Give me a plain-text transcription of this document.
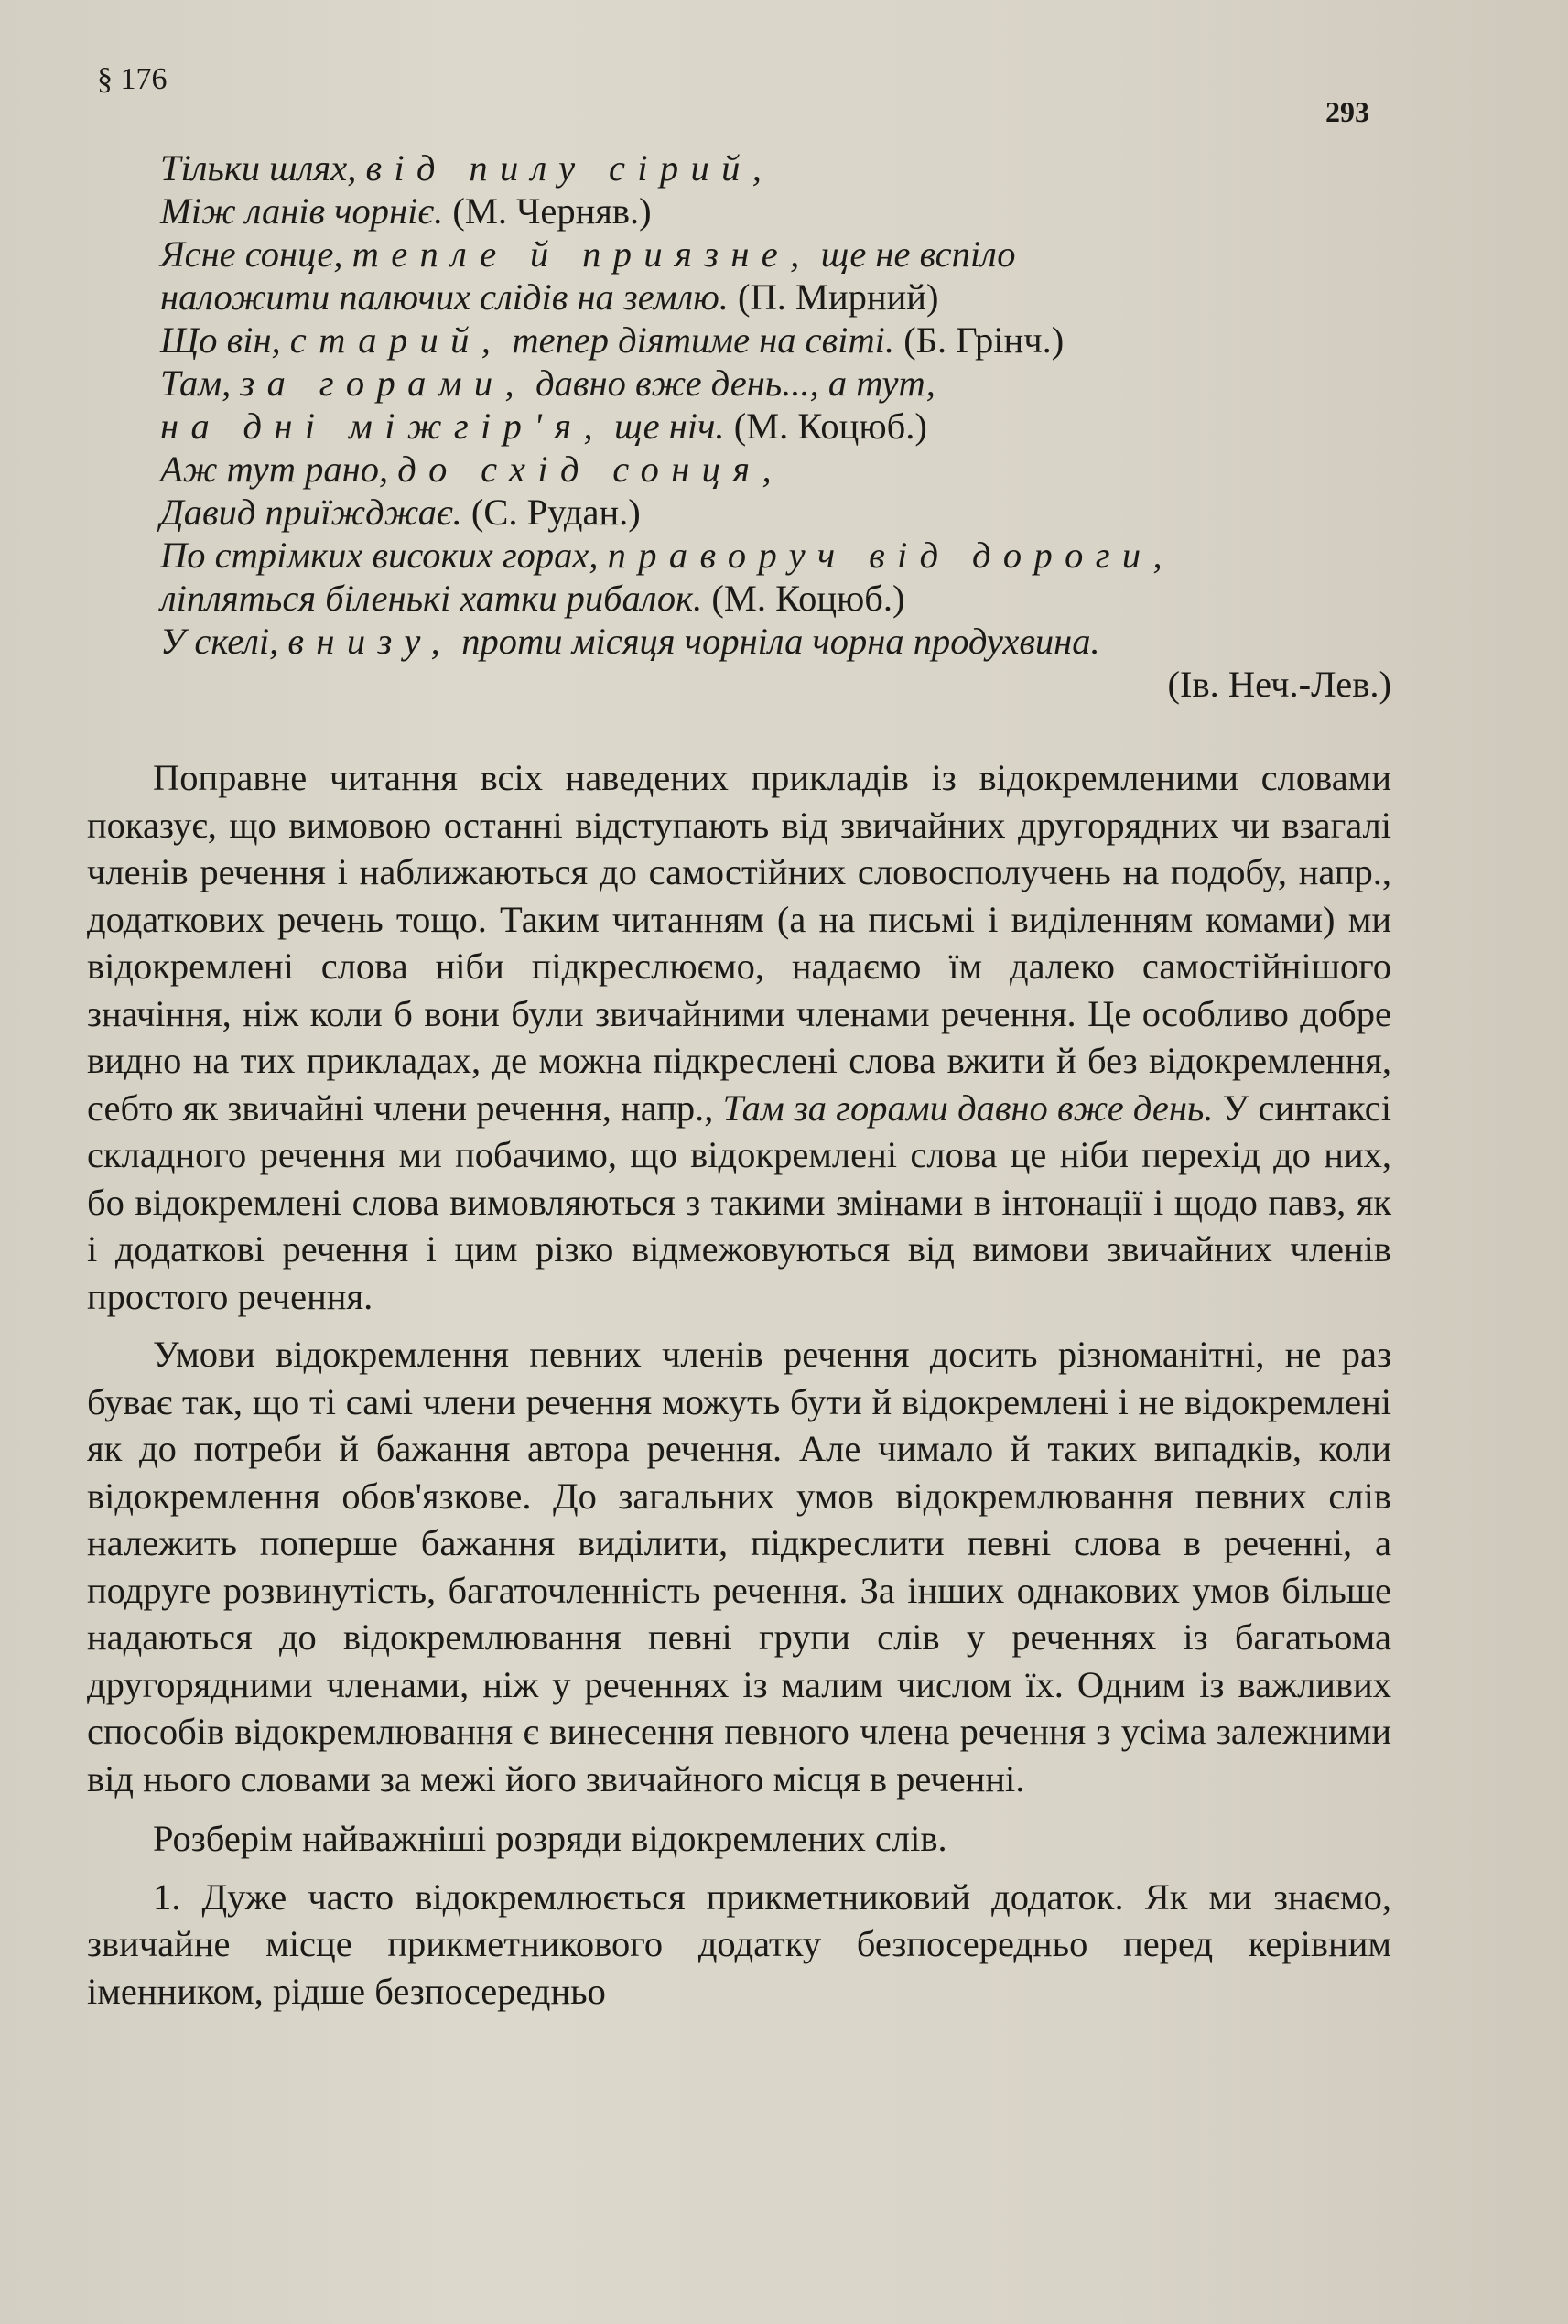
§ 176
293
Тільки шлях, від пилу сірий,
Між ланів чорніє. (М. Черняв.)
Ясне сонце, тепле й приязне, ще не вспіло
наложити палючих слідів на землю. (П. Мирний)
Що він, старий, тепер діятиме на світі. (Б. Грінч.)
Там, за горами, давно вже день..., а тут,
на дні міжгір'я, ще ніч. (М. Коцюб.)
Аж тут рано, до схід сонця,
Давид приїжджає. (С. Рудан.)
По стрімких високих горах, праворуч від дороги,
ліпляться біленькі хатки рибалок. (М. Коцюб.)
У скелі, внизу, проти місяця чорніла чорна продухвина.
(Ів. Неч.-Лев.)

Поправне читання всіх наведених прикладів із відокремленими словами показує, що вимовою останні відступають від звичайних другорядних чи взагалі членів речення і наближаються до самостійних словосполучень на подобу, напр., додаткових речень тощо. Таким читанням (а на письмі і виділенням комами) ми відокремлені слова ніби підкреслюємо, надаємо їм далеко самостійнішого значіння, ніж коли б вони були звичайними членами речення. Це особливо добре видно на тих прикладах, де можна підкреслені слова вжити й без відокремлення, себто як звичайні члени речення, напр., Там за горами давно вже день. У синтаксі складного речення ми побачимо, що відокремлені слова це ніби перехід до них, бо відокремлені слова вимовляються з такими змінами в інтонації і щодо павз, як і додаткові речення і цим різко відмежовуються від вимови звичайних членів простого речення.

Умови відокремлення певних членів речення досить різноманітні, не раз буває так, що ті самі члени речення можуть бути й відокремлені і не відокремлені як до потреби й бажання автора речення. Але чимало й таких випадків, коли відокремлення обов'язкове. До загальних умов відокремлювання певних слів належить поперше бажання виділити, підкреслити певні слова в реченні, а подруге розвинутість, багаточленність речення. За інших однакових умов більше надаються до відокремлювання певні групи слів у реченнях із багатьома другорядними членами, ніж у реченнях із малим числом їх. Одним із важливих способів відокремлювання є винесення певного члена речення з усіма залежними від нього словами за межі його звичайного місця в реченні.

Розберім найважніші розряди відокремлених слів.

1. Дуже часто відокремлюється прикметниковий додаток. Як ми знаємо, звичайне місце прикметникового додатку безпосередньо перед керівним іменником, рідше безпосередньо
